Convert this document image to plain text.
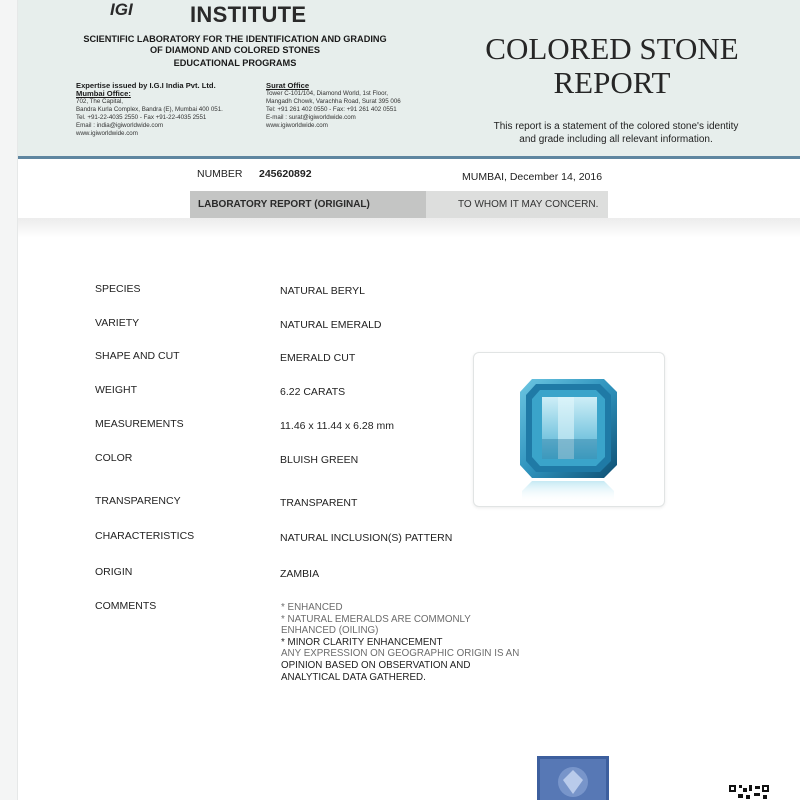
IGI	INSTITUTE
SCIENTIFIC LABORATORY FOR THE IDENTIFICATION AND GRADING
OF DIAMOND AND COLORED STONES
EDUCATIONAL PROGRAMS
Expertise issued by I.G.I India Pvt. Ltd.
Mumbai Office:
702, The Capital,
Bandra Kurla Complex, Bandra (E), Mumbai 400 051.
Tel. +91-22-4035 2550 - Fax +91-22-4035 2551
Email : india@igiworldwide.com
www.igiworldwide.com
Surat Office
Tower C-101/104, Diamond World, 1st Floor,
Mangadh Chowk, Varachha Road, Surat 395 006
Tel: +91 261 402 0550 - Fax: +91 261 402 0551
E-mail : surat@igiworldwide.com
www.igiworldwide.com
COLORED STONE
REPORT
This report is a statement of the colored stone's identity and grade including all relevant information.
NUMBER 245620892	MUMBAI, December 14, 2016
LABORATORY REPORT (ORIGINAL)	TO WHOM IT MAY CONCERN.
SPECIES	NATURAL BERYL
VARIETY	NATURAL EMERALD
SHAPE AND CUT	EMERALD CUT
WEIGHT	6.22 CARATS
MEASUREMENTS	11.46 x 11.44 x 6.28 mm
COLOR	BLUISH GREEN
TRANSPARENCY	TRANSPARENT
CHARACTERISTICS	NATURAL INCLUSION(S) PATTERN
ORIGIN	ZAMBIA
COMMENTS	* ENHANCED
* NATURAL EMERALDS ARE COMMONLY
ENHANCED (OILING)
* MINOR CLARITY ENHANCEMENT
ANY EXPRESSION ON GEOGRAPHIC ORIGIN IS AN
OPINION BASED ON OBSERVATION AND
ANALYTICAL DATA GATHERED.
